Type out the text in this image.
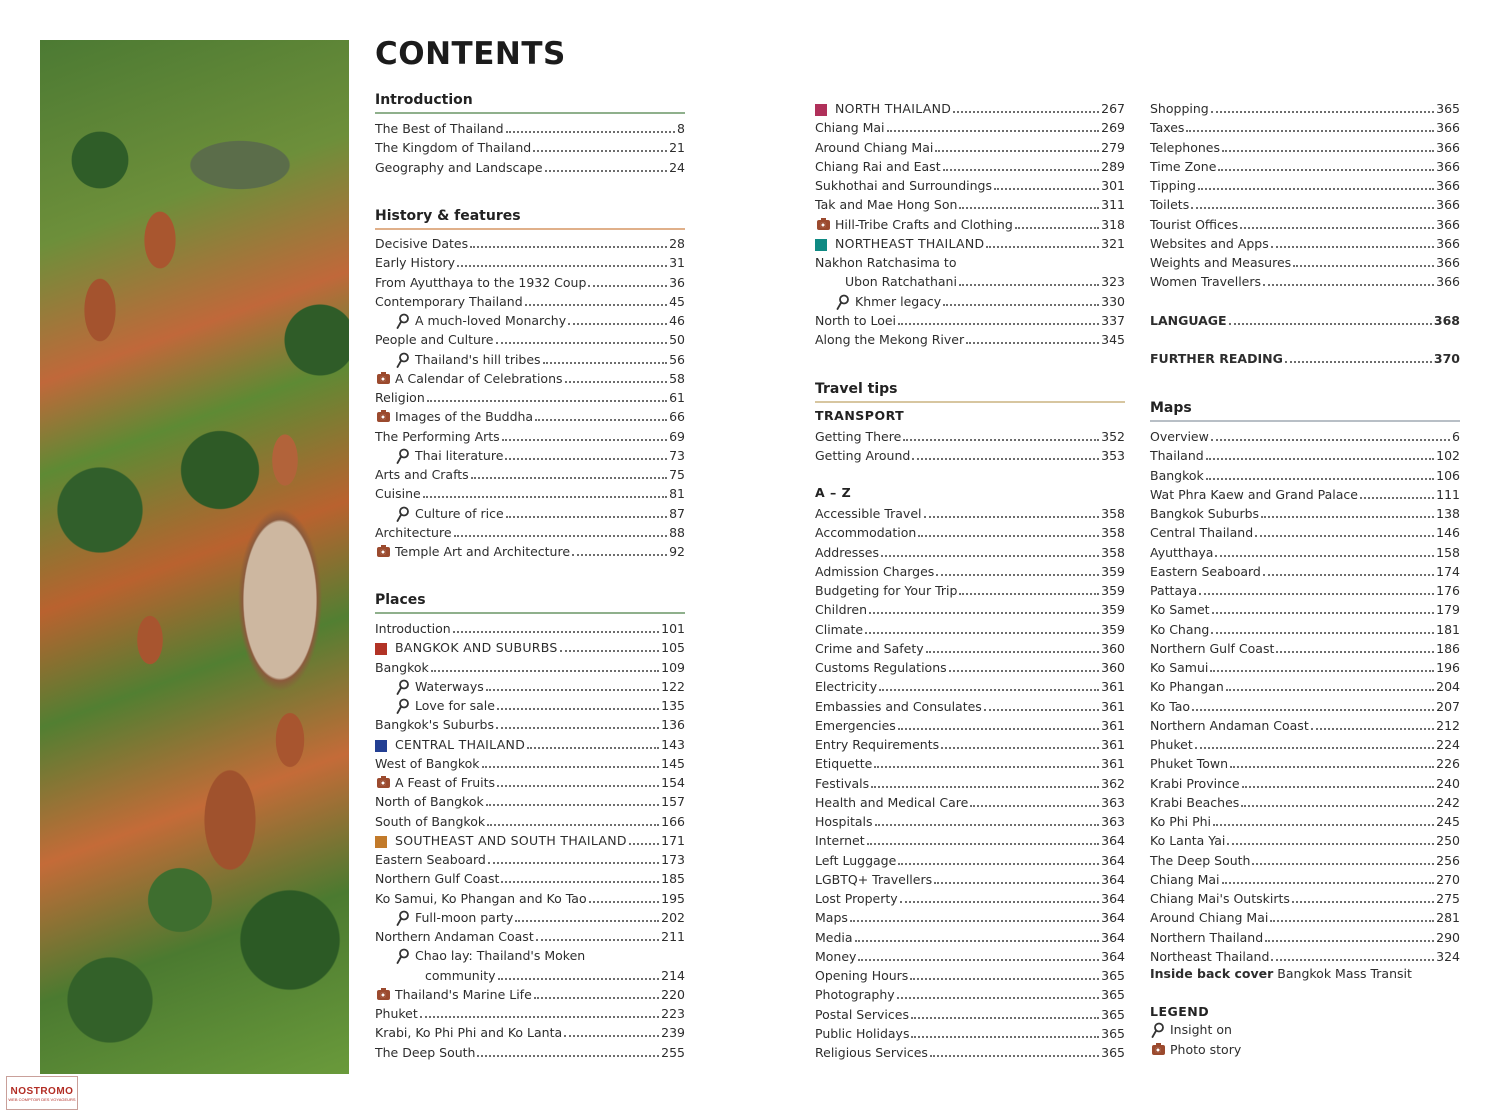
NOSTROMO
WEB COMPTOIR DES VOYAGEURS
CONTENTS
Introduction
The Best of Thailand	8
The Kingdom of Thailand	21
Geography and Landscape	24
History & features
Decisive Dates	28
Early History	31
From Ayutthaya to the 1932 Coup	36
Contemporary Thailand	45
A much-loved Monarchy	46
People and Culture	50
Thailand's hill tribes	56
A Calendar of Celebrations	58
Religion	61
Images of the Buddha	66
The Performing Arts	69
Thai literature	73
Arts and Crafts	75
Cuisine	81
Culture of rice	87
Architecture	88
Temple Art and Architecture	92
Places
Introduction	101
BANGKOK AND SUBURBS	105
Bangkok	109
Waterways	122
Love for sale	135
Bangkok's Suburbs	136
CENTRAL THAILAND	143
West of Bangkok	145
A Feast of Fruits	154
North of Bangkok	157
South of Bangkok	166
SOUTHEAST AND SOUTH THAILAND	171
Eastern Seaboard	173
Northern Gulf Coast	185
Ko Samui, Ko Phangan and Ko Tao	195
Full-moon party	202
Northern Andaman Coast	211
Chao lay: Thailand's Moken
community	214
Thailand's Marine Life	220
Phuket	223
Krabi, Ko Phi Phi and Ko Lanta	239
The Deep South	255
NORTH THAILAND	267
Chiang Mai	269
Around Chiang Mai	279
Chiang Rai and East	289
Sukhothai and Surroundings	301
Tak and Mae Hong Son	311
Hill-Tribe Crafts and Clothing	318
NORTHEAST THAILAND	321
Nakhon Ratchasima to
Ubon Ratchathani	323
Khmer legacy	330
North to Loei	337
Along the Mekong River	345
Travel tips
TRANSPORT
Getting There	352
Getting Around	353
A – Z
Accessible Travel	358
Accommodation	358
Addresses	358
Admission Charges	359
Budgeting for Your Trip	359
Children	359
Climate	359
Crime and Safety	360
Customs Regulations	360
Electricity	361
Embassies and Consulates	361
Emergencies	361
Entry Requirements	361
Etiquette	361
Festivals	362
Health and Medical Care	363
Hospitals	363
Internet	364
Left Luggage	364
LGBTQ+ Travellers	364
Lost Property	364
Maps	364
Media	364
Money	364
Opening Hours	365
Photography	365
Postal Services	365
Public Holidays	365
Religious Services	365
Shopping	365
Taxes	366
Telephones	366
Time Zone	366
Tipping	366
Toilets	366
Tourist Offices	366
Websites and Apps	366
Weights and Measures	366
Women Travellers	366
LANGUAGE	368
FURTHER READING	370
Maps
Overview	6
Thailand	102
Bangkok	106
Wat Phra Kaew and Grand Palace	111
Bangkok Suburbs	138
Central Thailand	146
Ayutthaya	158
Eastern Seaboard	174
Pattaya	176
Ko Samet	179
Ko Chang	181
Northern Gulf Coast	186
Ko Samui	196
Ko Phangan	204
Ko Tao	207
Northern Andaman Coast	212
Phuket	224
Phuket Town	226
Krabi Province	240
Krabi Beaches	242
Ko Phi Phi	245
Ko Lanta Yai	250
The Deep South	256
Chiang Mai	270
Chiang Mai's Outskirts	275
Around Chiang Mai	281
Northern Thailand	290
Northeast Thailand	324
Inside back cover Bangkok Mass Transit
LEGEND
Insight on
Photo story
